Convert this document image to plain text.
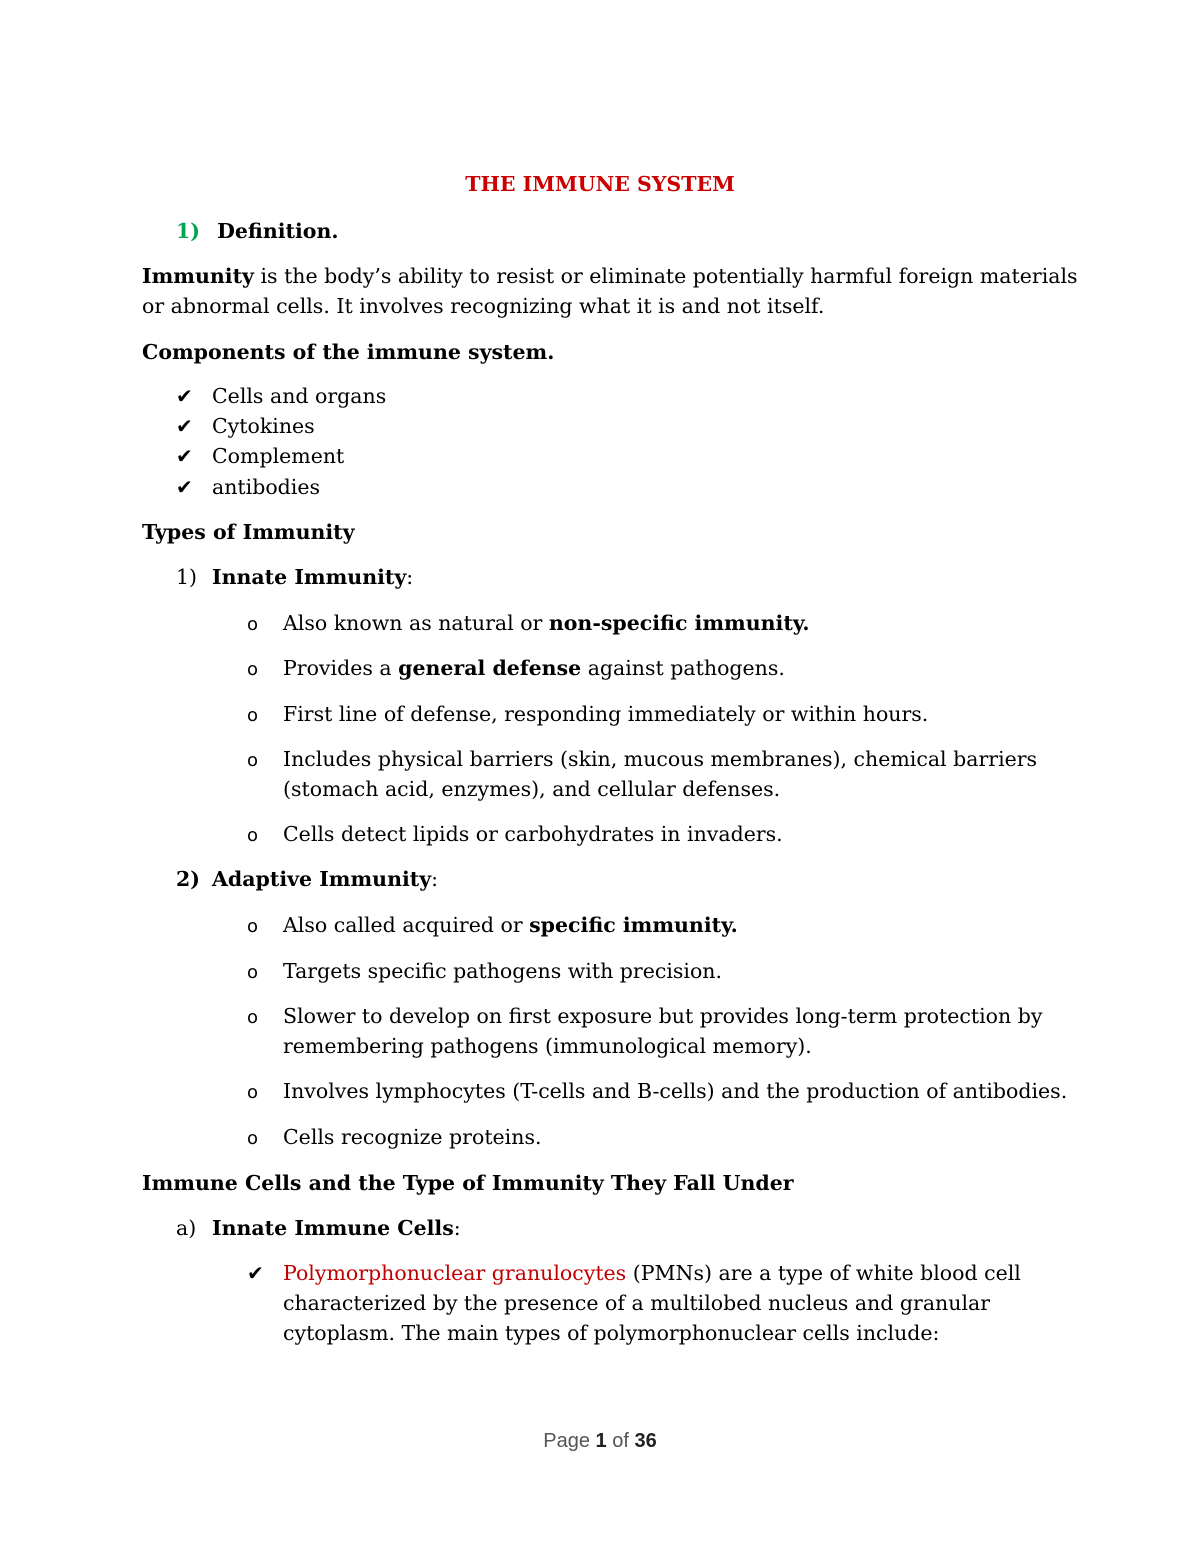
THE IMMUNE SYSTEM
1) Definition.
Immunity is the body’s ability to resist or eliminate potentially harmful foreign materials
or abnormal cells. It involves recognizing what it is and not itself.
Components of the immune system.
✔ Cells and organs
✔ Cytokines
✔ Complement
✔ antibodies
Types of Immunity
1) Innate Immunity:
o Also known as natural or non-specific immunity.
o Provides a general defense against pathogens.
o First line of defense, responding immediately or within hours.
o Includes physical barriers (skin, mucous membranes), chemical barriers
(stomach acid, enzymes), and cellular defenses.
o Cells detect lipids or carbohydrates in invaders.
2) Adaptive Immunity:
o Also called acquired or specific immunity.
o Targets specific pathogens with precision.
o Slower to develop on first exposure but provides long-term protection by
remembering pathogens (immunological memory).
o Involves lymphocytes (T-cells and B-cells) and the production of antibodies.
o Cells recognize proteins.
Immune Cells and the Type of Immunity They Fall Under
a) Innate Immune Cells:
✔ Polymorphonuclear granulocytes (PMNs) are a type of white blood cell
characterized by the presence of a multilobed nucleus and granular
cytoplasm. The main types of polymorphonuclear cells include:
Page 1 of 36
